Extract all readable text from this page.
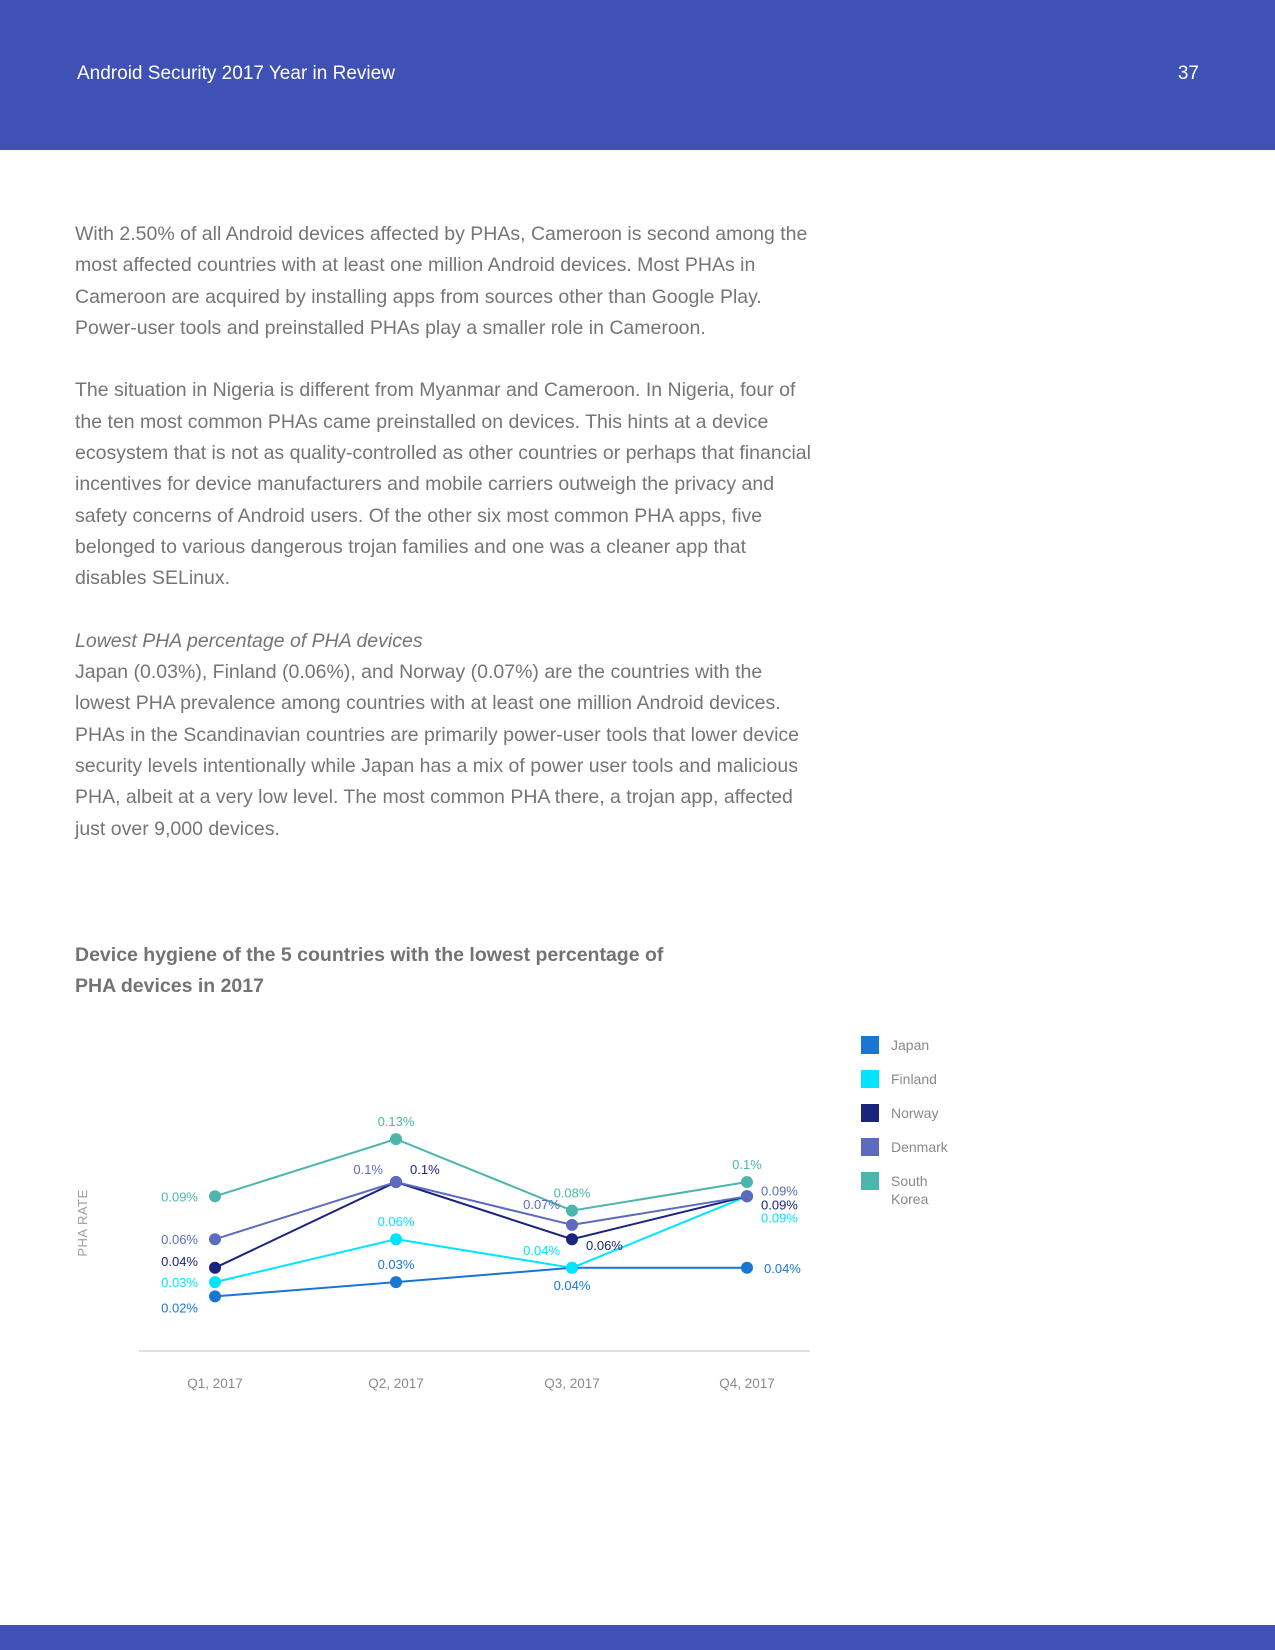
Android Security 2017 Year in Review	37

With 2.50% of all Android devices affected by PHAs, Cameroon is second among the most affected countries with at least one million Android devices. Most PHAs in Cameroon are acquired by installing apps from sources other than Google Play. Power-user tools and preinstalled PHAs play a smaller role in Cameroon.

The situation in Nigeria is different from Myanmar and Cameroon. In Nigeria, four of the ten most common PHAs came preinstalled on devices. This hints at a device ecosystem that is not as quality-controlled as other countries or perhaps that financial incentives for device manufacturers and mobile carriers outweigh the privacy and safety concerns of Android users. Of the other six most common PHA apps, five belonged to various dangerous trojan families and one was a cleaner app that disables SELinux.

Lowest PHA percentage of PHA devices

Japan (0.03%), Finland (0.06%), and Norway (0.07%) are the countries with the lowest PHA prevalence among countries with at least one million Android devices. PHAs in the Scandinavian countries are primarily power-user tools that lower device security levels intentionally while Japan has a mix of power user tools and malicious PHA, albeit at a very low level. The most common PHA there, a trojan app, affected just over 9,000 devices.

Device hygiene of the 5 countries with the lowest percentage of PHA devices in 2017
PHA RATE
Q1, 2017	Q2, 2017	Q3, 2017	Q4, 2017
0.02%
0.03%
0.04%
0.04%
0.03%
0.06%
0.04%
0.09%
0.04%
0.1%
0.06%
0.09%
0.06%
0.1%
0.07%
0.09%
0.09%
0.13%
0.08%
0.1%
Japan
Finland
Norway
Denmark
South Korea
